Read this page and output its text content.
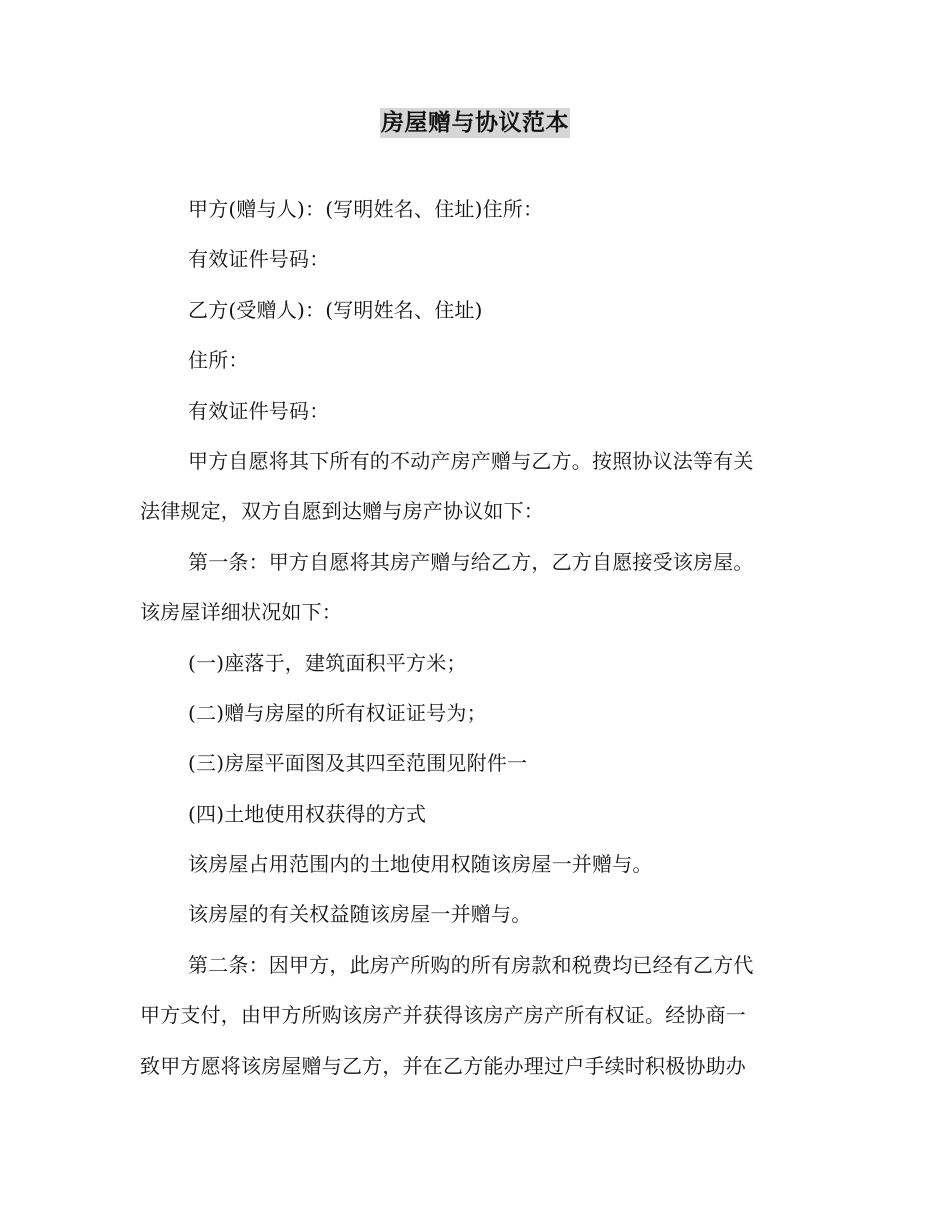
房屋赠与协议范本
甲方(赠与人)：(写明姓名、住址)住所：
有效证件号码：
乙方(受赠人)：(写明姓名、住址)
住所：
有效证件号码：
甲方自愿将其下所有的不动产房产赠与乙方。按照协议法等有关
法律规定，双方自愿到达赠与房产协议如下：
第一条：甲方自愿将其房产赠与给乙方，乙方自愿接受该房屋。
该房屋详细状况如下：
(一)座落于，建筑面积平方米；
(二)赠与房屋的所有权证证号为；
(三)房屋平面图及其四至范围见附件一
(四)土地使用权获得的方式
该房屋占用范围内的土地使用权随该房屋一并赠与。
该房屋的有关权益随该房屋一并赠与。
第二条：因甲方，此房产所购的所有房款和税费均已经有乙方代
甲方支付，由甲方所购该房产并获得该房产房产所有权证。经协商一
致甲方愿将该房屋赠与乙方，并在乙方能办理过户手续时积极协助办
